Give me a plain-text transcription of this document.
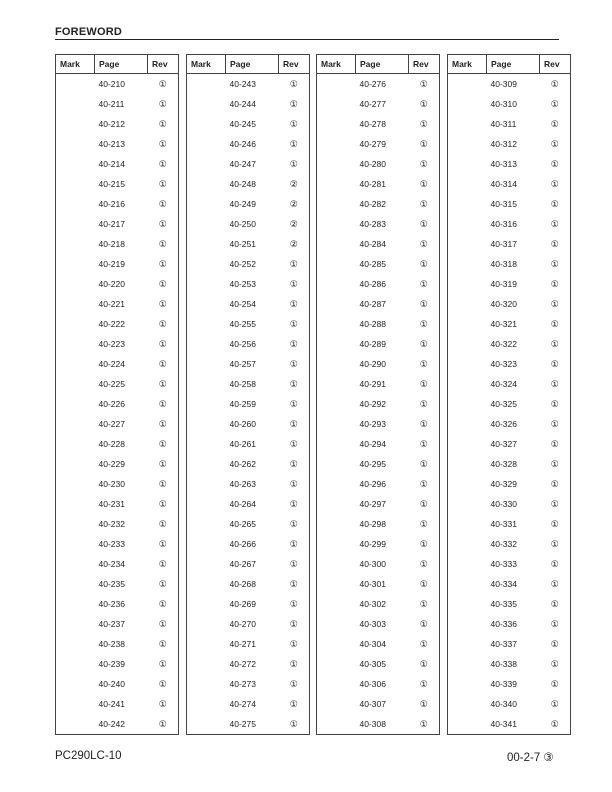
FOREWORD
Mark	Page	Rev
	40-210	①
	40-211	①
	40-212	①
	40-213	①
	40-214	①
	40-215	①
	40-216	①
	40-217	①
	40-218	①
	40-219	①
	40-220	①
	40-221	①
	40-222	①
	40-223	①
	40-224	①
	40-225	①
	40-226	①
	40-227	①
	40-228	①
	40-229	①
	40-230	①
	40-231	①
	40-232	①
	40-233	①
	40-234	①
	40-235	①
	40-236	①
	40-237	①
	40-238	①
	40-239	①
	40-240	①
	40-241	①
	40-242	①
Mark	Page	Rev
	40-243	①
	40-244	①
	40-245	①
	40-246	①
	40-247	①
	40-248	②
	40-249	②
	40-250	②
	40-251	②
	40-252	①
	40-253	①
	40-254	①
	40-255	①
	40-256	①
	40-257	①
	40-258	①
	40-259	①
	40-260	①
	40-261	①
	40-262	①
	40-263	①
	40-264	①
	40-265	①
	40-266	①
	40-267	①
	40-268	①
	40-269	①
	40-270	①
	40-271	①
	40-272	①
	40-273	①
	40-274	①
	40-275	①
Mark	Page	Rev
	40-276	①
	40-277	①
	40-278	①
	40-279	①
	40-280	①
	40-281	①
	40-282	①
	40-283	①
	40-284	①
	40-285	①
	40-286	①
	40-287	①
	40-288	①
	40-289	①
	40-290	①
	40-291	①
	40-292	①
	40-293	①
	40-294	①
	40-295	①
	40-296	①
	40-297	①
	40-298	①
	40-299	①
	40-300	①
	40-301	①
	40-302	①
	40-303	①
	40-304	①
	40-305	①
	40-306	①
	40-307	①
	40-308	①
Mark	Page	Rev
	40-309	①
	40-310	①
	40-311	①
	40-312	①
	40-313	①
	40-314	①
	40-315	①
	40-316	①
	40-317	①
	40-318	①
	40-319	①
	40-320	①
	40-321	①
	40-322	①
	40-323	①
	40-324	①
	40-325	①
	40-326	①
	40-327	①
	40-328	①
	40-329	①
	40-330	①
	40-331	①
	40-332	①
	40-333	①
	40-334	①
	40-335	①
	40-336	①
	40-337	①
	40-338	①
	40-339	①
	40-340	①
	40-341	①
PC290LC-10	00-2-7 ③
